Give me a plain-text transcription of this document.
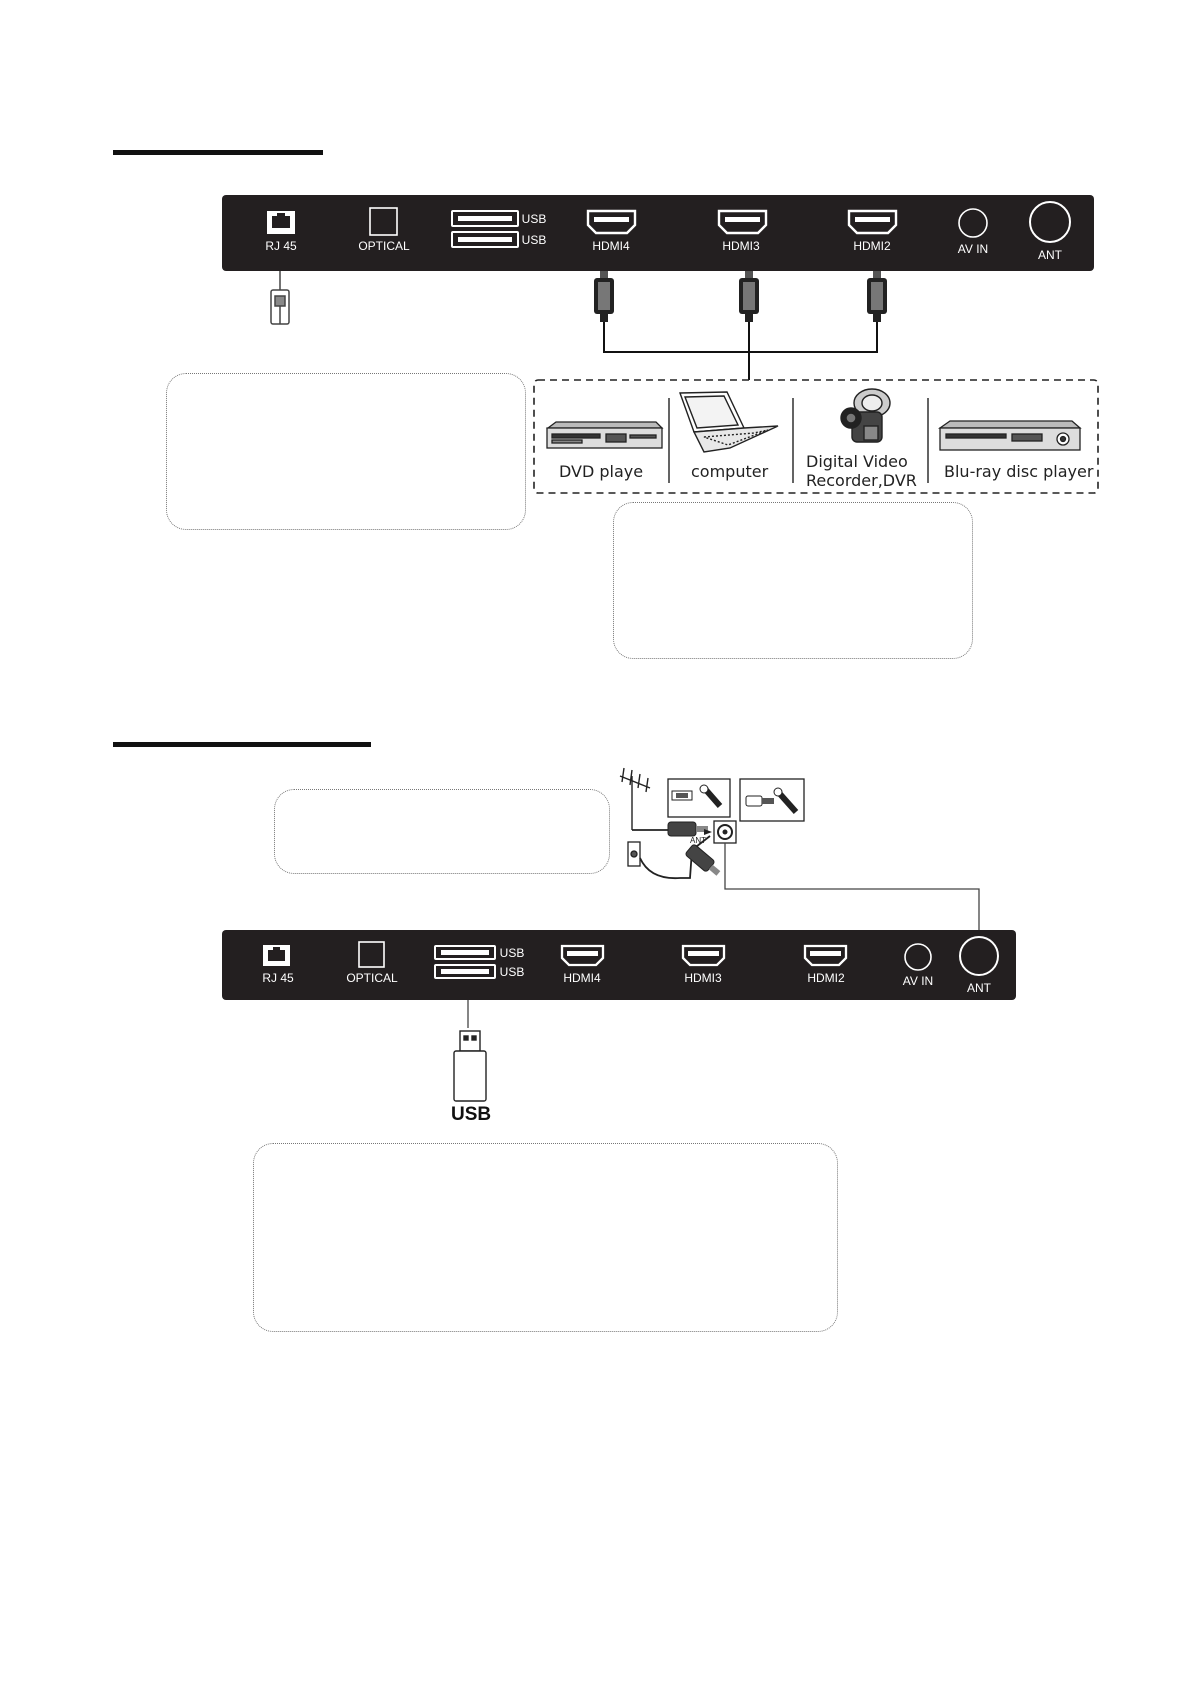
RJ 45	OPTICAL
USB
USB	HDMI4	HDMI3	HDMI2	AV IN	ANT
DVD playe	computer
Digital Video
Recorder,DVR Blu-ray disc player
ANT
RJ 45	OPTICAL
USB
USB	HDMI4	HDMI3	HDMI2	AV IN	ANT
USB
